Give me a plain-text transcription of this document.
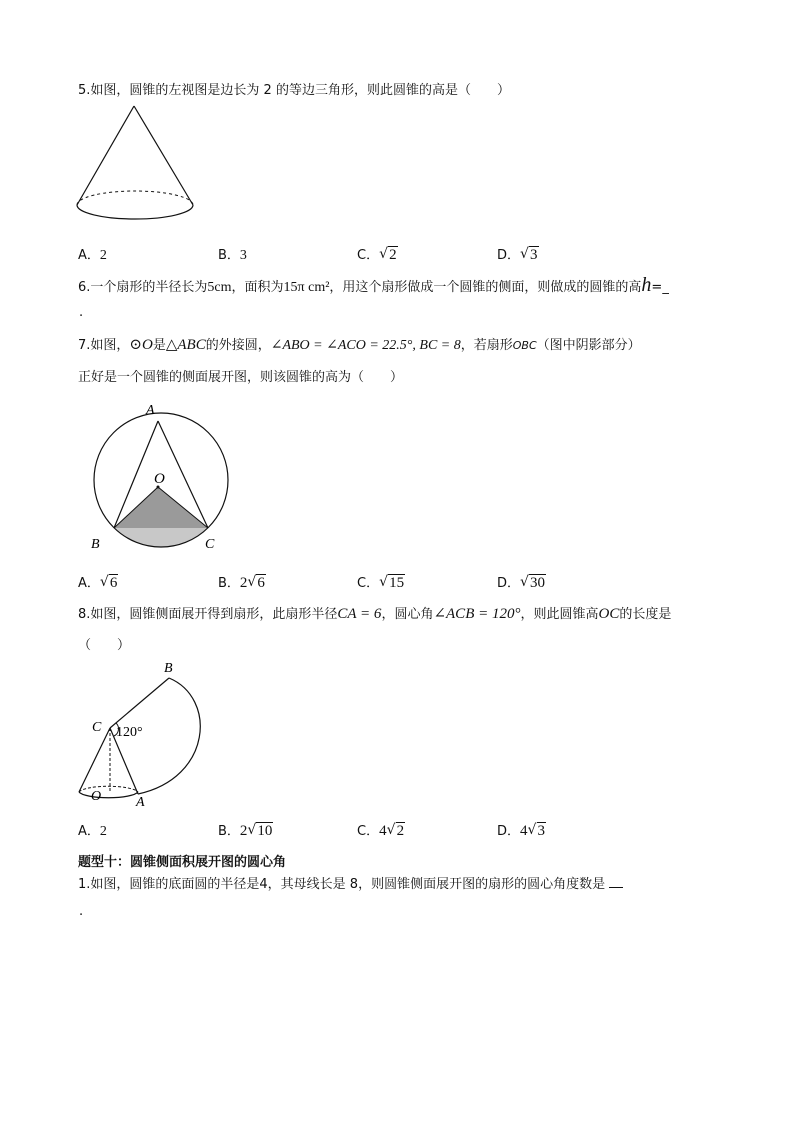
5.如图，圆锥的左视图是边长为 2 的等边三角形，则此圆锥的高是（　　）
A．2	B．3	C． √ 2	D． √ 3
6.一个扇形的半径长为5cm，面积为15π cm²，用这个扇形做成一个圆锥的侧面，则做成的圆锥的高h=_
.
7.如图，⊙O是△ABC的外接圆，∠ABO = ∠ACO = 22.5°, BC = 8，若扇形OBC（图中阴影部分）
正好是一个圆锥的侧面展开图，则该圆锥的高为（　　）
A
O
B	C
A． √ 6	B．2 √ 6	C． √ 15	D． √ 30
8.如图，圆锥侧面展开得到扇形，此扇形半径CA = 6，圆心角∠ACB = 120°，则此圆锥高OC的长度是
（　　）
B
C 120°
O A
A．2	B．2 √ 10	C．4 √ 2	D．4 √ 3
题型十：圆锥侧面积展开图的圆心角
1.如图，圆锥的底面圆的半径是4，其母线长是 8，则圆锥侧面展开图的扇形的圆心角度数是
.
